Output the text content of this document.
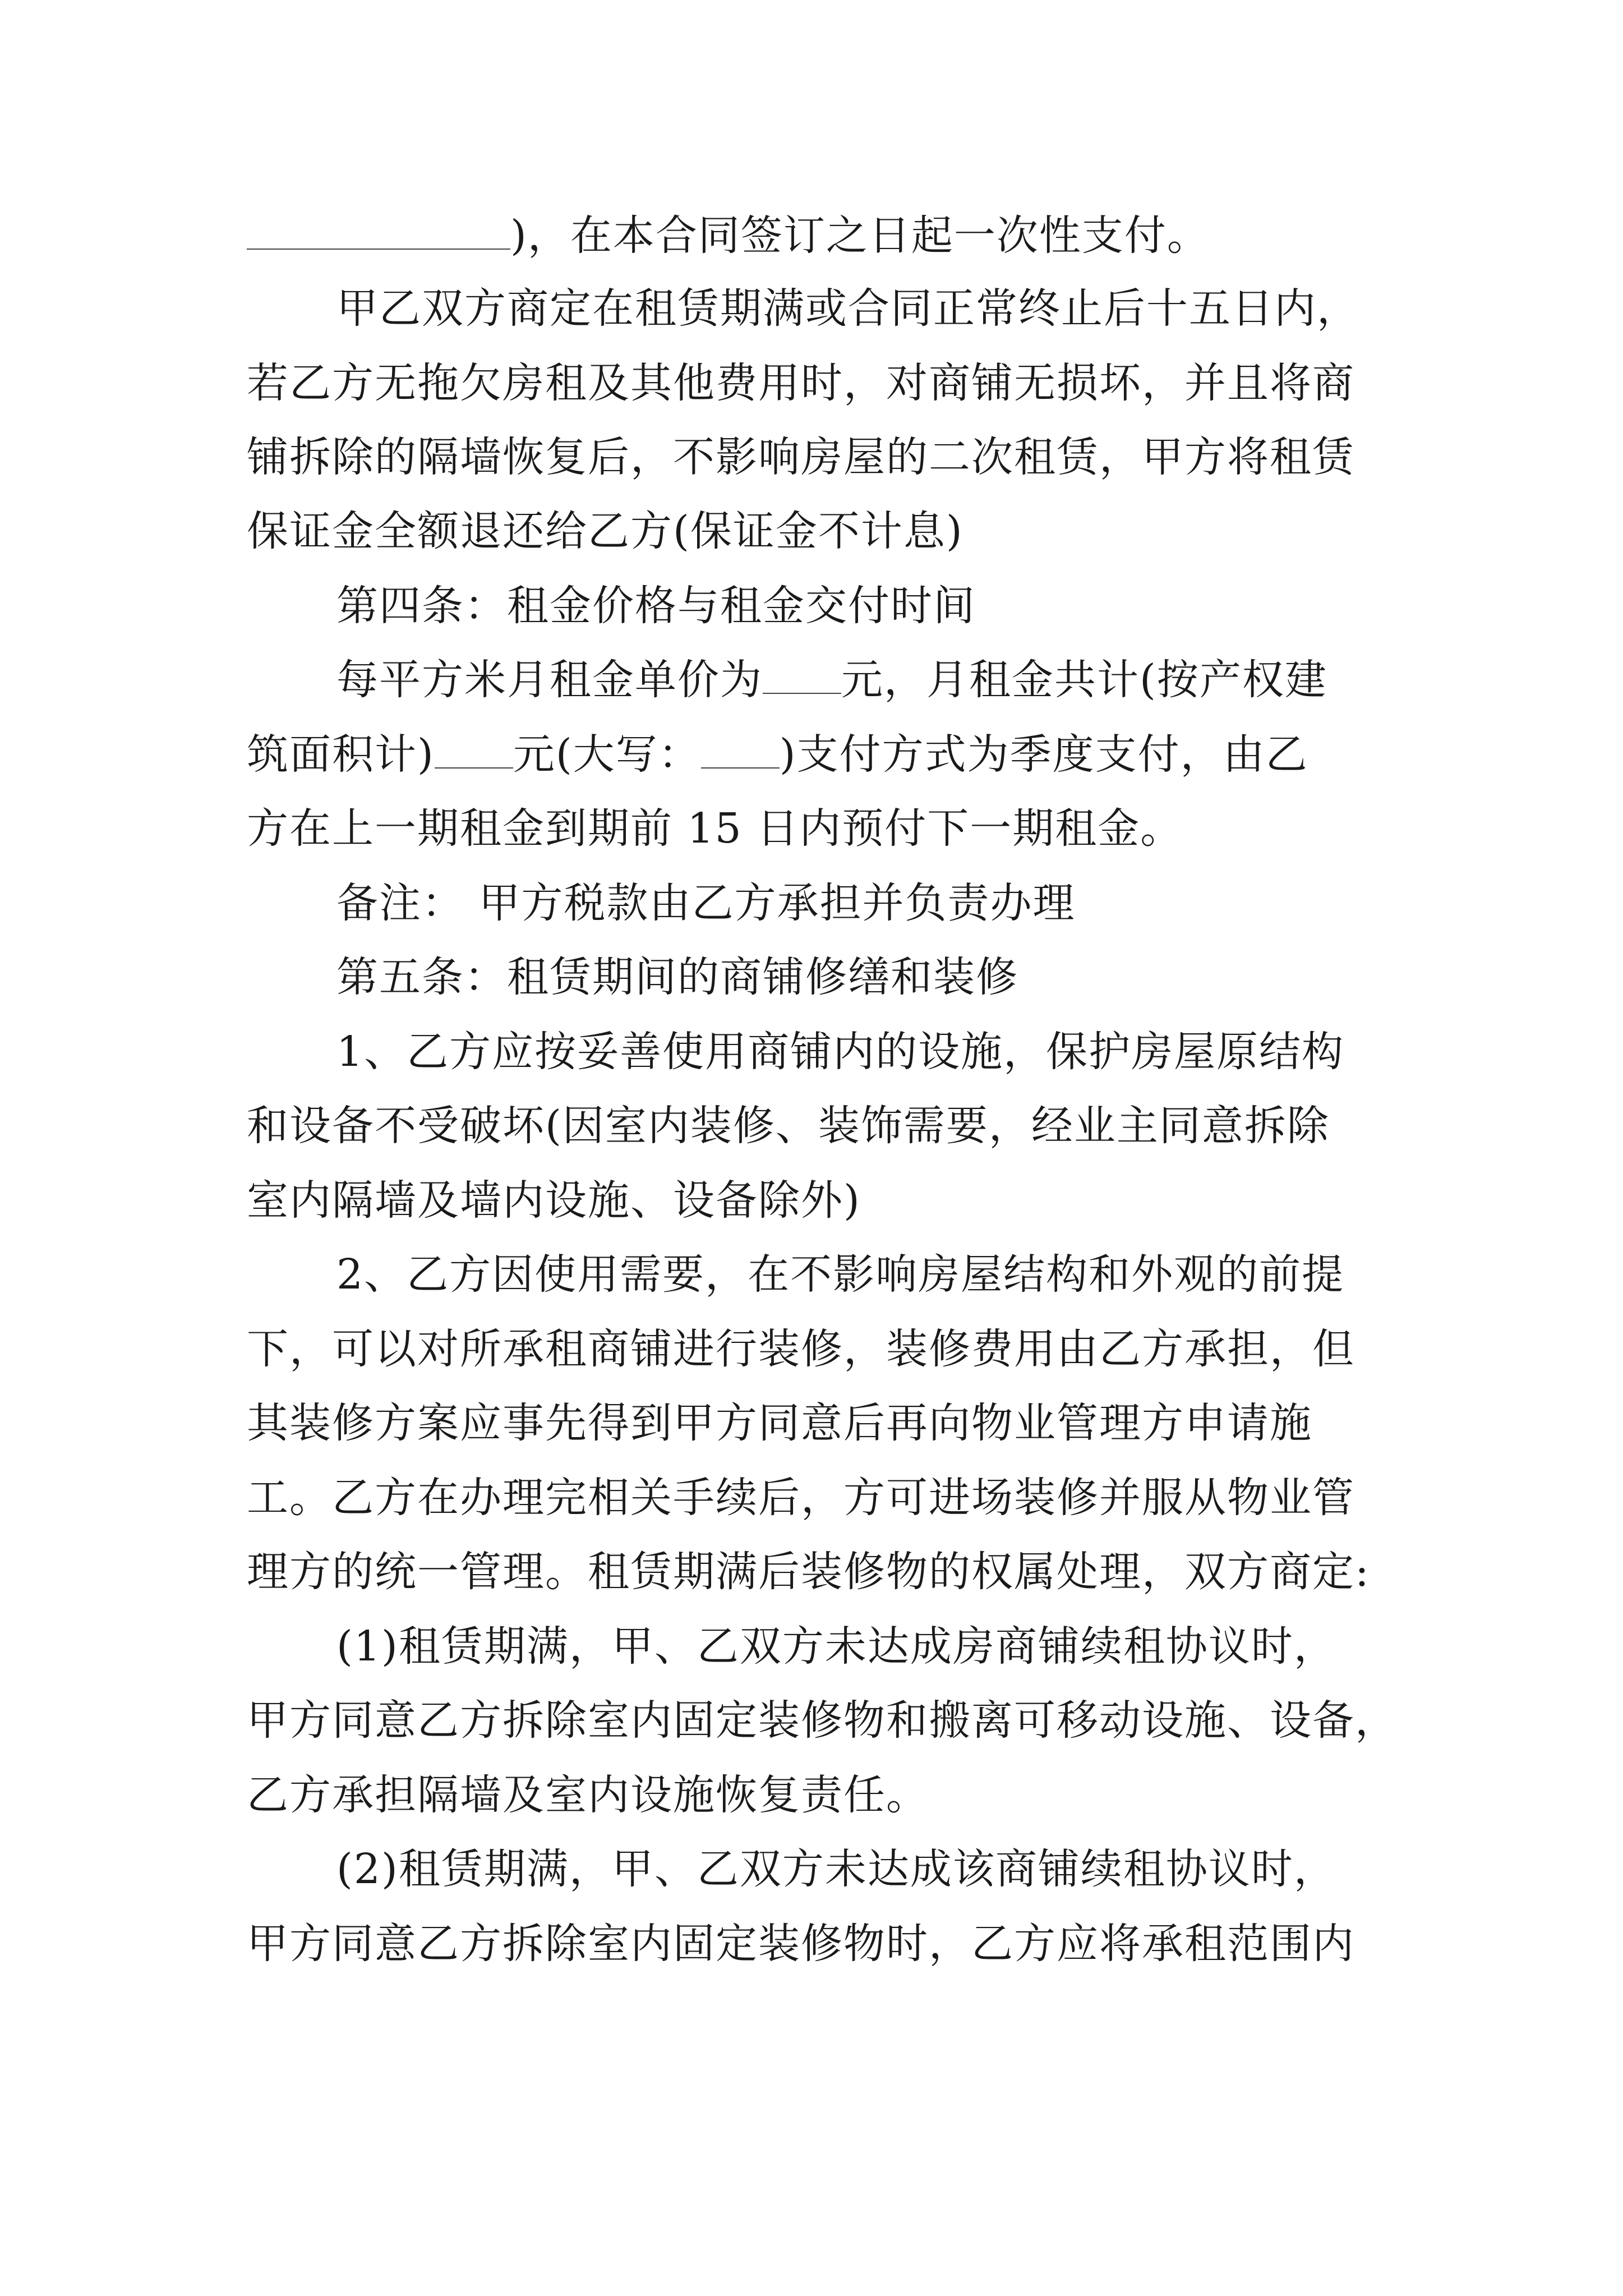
)，在本合同签订之日起一次性支付。
甲乙双方商定在租赁期满或合同正常终止后十五日内，
若乙方无拖欠房租及其他费用时，对商铺无损坏，并且将商
铺拆除的隔墙恢复后，不影响房屋的二次租赁，甲方将租赁
保证金全额退还给乙方(保证金不计息)
第四条：租金价格与租金交付时间
每平方米月租金单价为 元，月租金共计(按产权建
筑面积计) 元(大写： )支付方式为季度支付，由乙
方在上一期租金到期前 15 日内预付下一期租金。
备注： 甲方税款由乙方承担并负责办理
第五条：租赁期间的商铺修缮和装修
1、乙方应按妥善使用商铺内的设施，保护房屋原结构
和设备不受破坏(因室内装修、装饰需要，经业主同意拆除
室内隔墙及墙内设施、设备除外)
2、乙方因使用需要，在不影响房屋结构和外观的前提
下，可以对所承租商铺进行装修，装修费用由乙方承担，但
其装修方案应事先得到甲方同意后再向物业管理方申请施
工。乙方在办理完相关手续后，方可进场装修并服从物业管
理方的统一管理。租赁期满后装修物的权属处理，双方商定:
(1)租赁期满，甲、乙双方未达成房商铺续租协议时，
甲方同意乙方拆除室内固定装修物和搬离可移动设施、设备，
乙方承担隔墙及室内设施恢复责任。
(2)租赁期满，甲、乙双方未达成该商铺续租协议时，
甲方同意乙方拆除室内固定装修物时，乙方应将承租范围内
